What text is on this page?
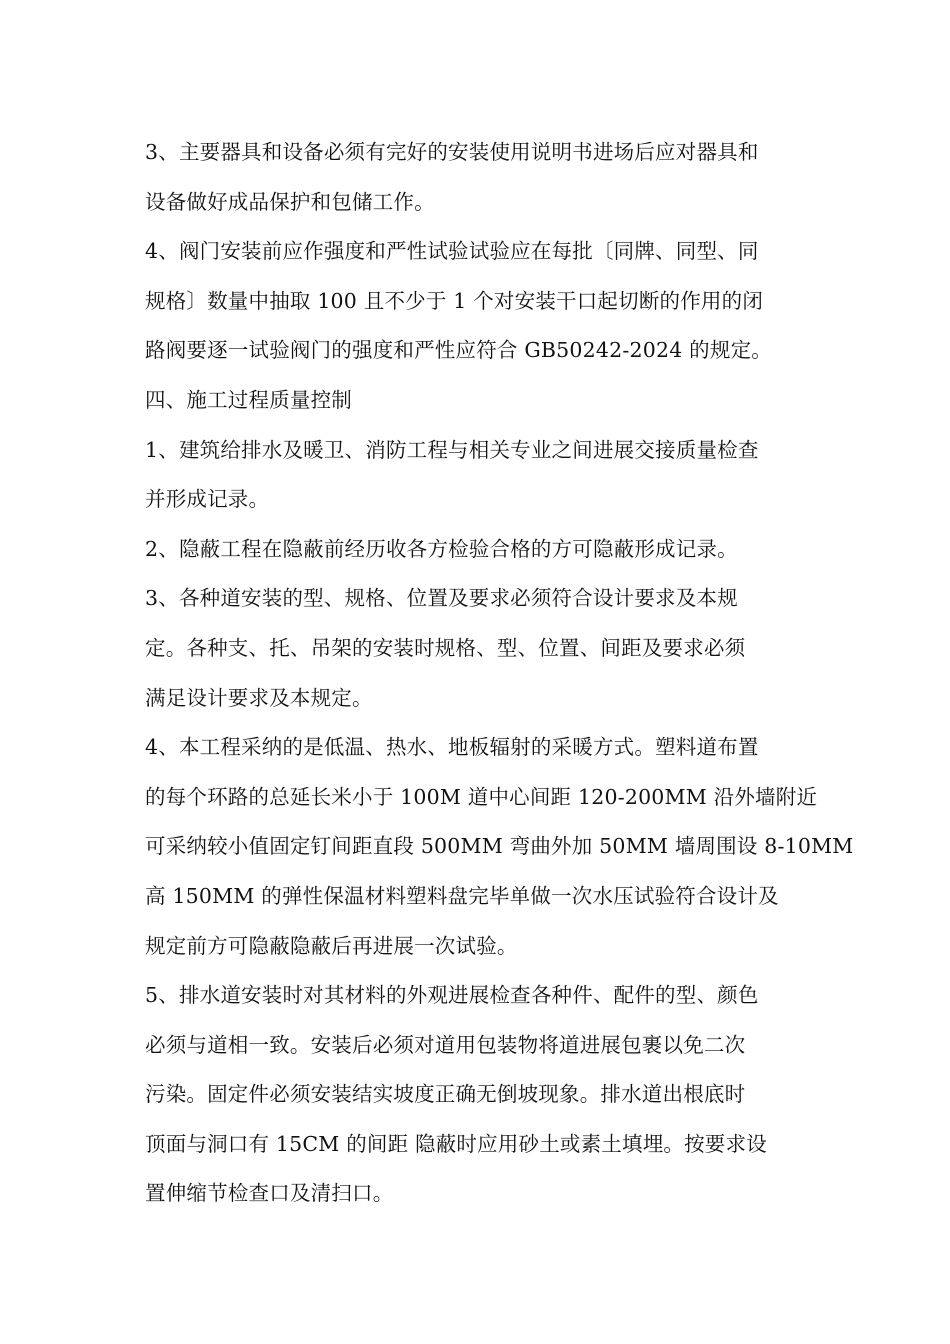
3、主要器具和设备必须有完好的安装使用说明书进场后应对器具和
设备做好成品保护和包储工作。
4、阀门安装前应作强度和严性试验试验应在每批〔同牌、同型、同
规格〕数量中抽取 100 且不少于 1 个对安装干口起切断的作用的闭
路阀要逐一试验阀门的强度和严性应符合 GB50242-2024 的规定。
四、施工过程质量控制
1、建筑给排水及暖卫、消防工程与相关专业之间进展交接质量检查
并形成记录。
2、隐蔽工程在隐蔽前经历收各方检验合格的方可隐蔽形成记录。
3、各种道安装的型、规格、位置及要求必须符合设计要求及本规
定。各种支、托、吊架的安装时规格、型、位置、间距及要求必须
满足设计要求及本规定。
4、本工程采纳的是低温、热水、地板辐射的采暖方式。塑料道布置
的每个环路的总延长米小于 100M 道中心间距 120-200MM 沿外墙附近
可采纳较小值固定钉间距直段 500MM 弯曲外加 50MM 墙周围设 8-10MM
高 150MM 的弹性保温材料塑料盘完毕单做一次水压试验符合设计及
规定前方可隐蔽隐蔽后再进展一次试验。
5、排水道安装时对其材料的外观进展检查各种件、配件的型、颜色
必须与道相一致。安装后必须对道用包装物将道进展包裹以免二次
污染。固定件必须安装结实坡度正确无倒坡现象。排水道出根底时
顶面与洞口有 15CM 的间距 隐蔽时应用砂土或素土填埋。按要求设
置伸缩节检查口及清扫口。
